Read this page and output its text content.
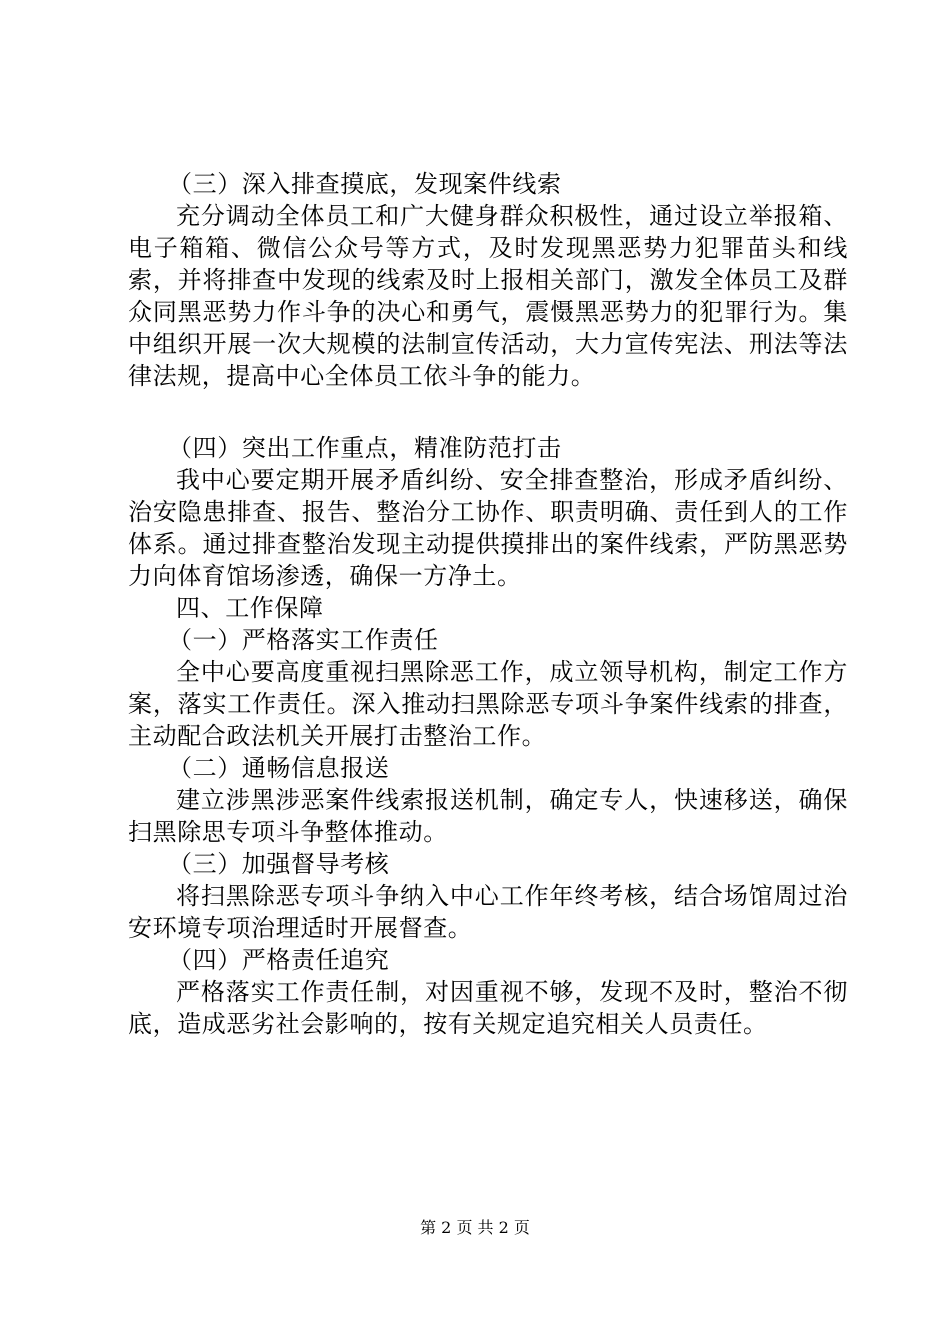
（三）深入排查摸底，发现案件线索

充分调动全体员工和广大健身群众积极性，通过设立举报箱、电子箱箱、微信公众号等方式，及时发现黑恶势力犯罪苗头和线索，并将排查中发现的线索及时上报相关部门，激发全体员工及群众同黑恶势力作斗争的决心和勇气，震慑黑恶势力的犯罪行为。集中组织开展一次大规模的法制宣传活动，大力宣传宪法、刑法等法律法规，提高中心全体员工依斗争的能力。

（四）突出工作重点，精准防范打击

我中心要定期开展矛盾纠纷、安全排查整治，形成矛盾纠纷、治安隐患排查、报告、整治分工协作、职责明确、责任到人的工作体系。通过排查整治发现主动提供摸排出的案件线索，严防黑恶势力向体育馆场渗透，确保一方净土。

四、工作保障

（一）严格落实工作责任

全中心要高度重视扫黑除恶工作，成立领导机构，制定工作方案，落实工作责任。深入推动扫黑除恶专项斗争案件线索的排查，主动配合政法机关开展打击整治工作。

（二）通畅信息报送

建立涉黑涉恶案件线索报送机制，确定专人，快速移送，确保扫黑除思专项斗争整体推动。

（三）加强督导考核

将扫黑除恶专项斗争纳入中心工作年终考核，结合场馆周过治安环境专项治理适时开展督查。

（四）严格责任追究

严格落实工作责任制，对因重视不够，发现不及时，整治不彻底，造成恶劣社会影响的，按有关规定追究相关人员责任。

第 2 页 共 2 页
